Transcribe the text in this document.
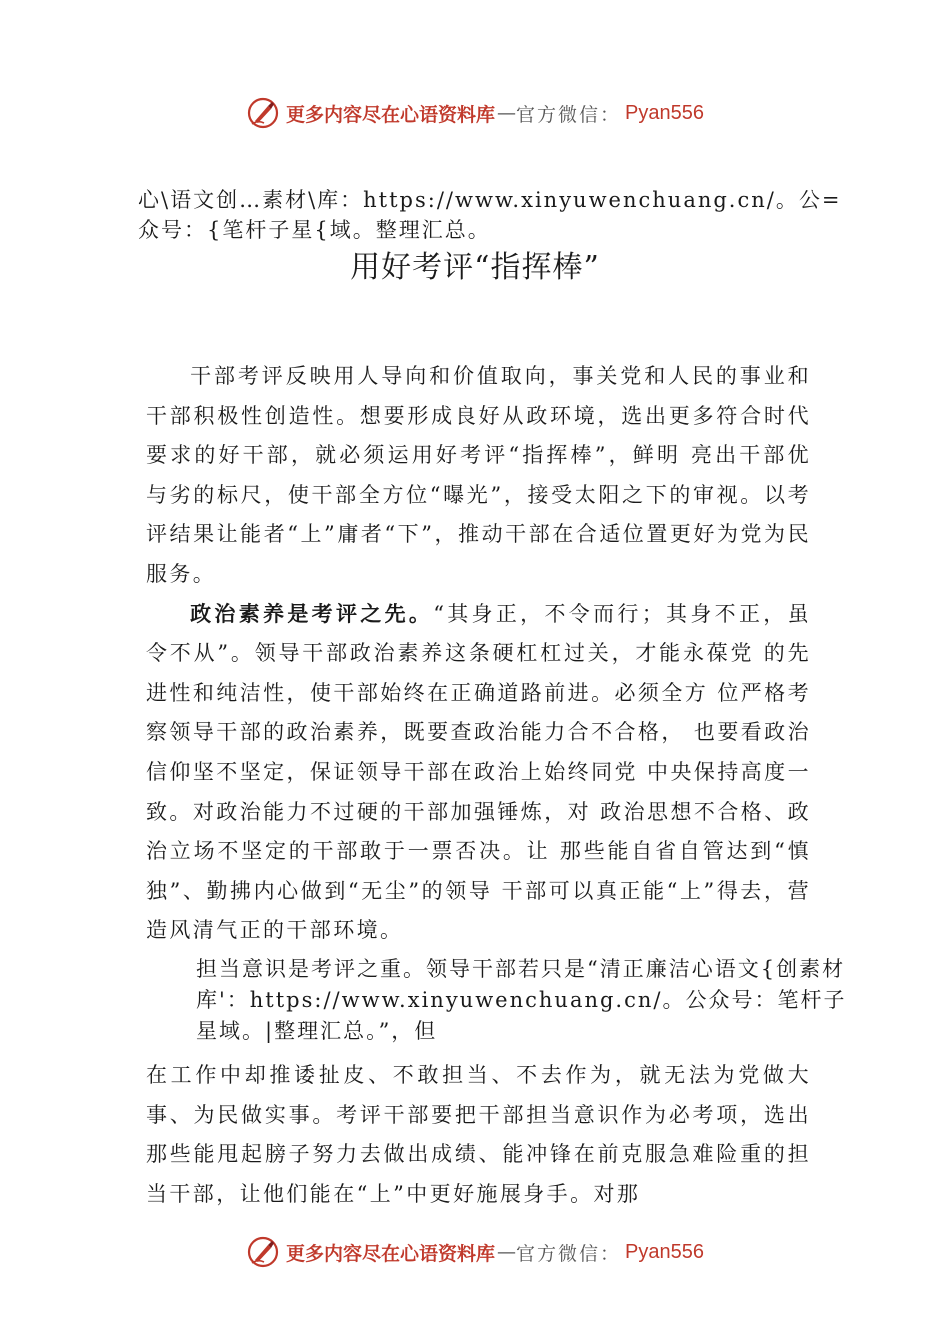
更多内容尽在心语资料库 — 官方微信： Pyan556
心\语文创…素材\库：https://www.xinyuwenchuang.cn/。公=众号：{笔杆子星{域。整理汇总。
用好考评“指挥棒”

干部考评反映用人导向和价值取向，事关党和人民的事业和干部积极性创造性。想要形成良好从政环境，选出更多符合时代要求的好干部，就必须运用好考评“指挥棒”，鲜明 亮出干部优与劣的标尺，使干部全方位“曝光”，接受太阳之下的审视。以考评结果让能者“上”庸者“下”，推动干部在合适位置更好为党为民服务。

政治素养是考评之先。“其身正，不令而行；其身不正，虽令不从”。领导干部政治素养这条硬杠杠过关，才能永葆党 的先进性和纯洁性，使干部始终在正确道路前进。必须全方 位严格考察领导干部的政治素养，既要查政治能力合不合格， 也要看政治信仰坚不坚定，保证领导干部在政治上始终同党 中央保持高度一致。对政治能力不过硬的干部加强锤炼，对 政治思想不合格、政治立场不坚定的干部敢于一票否决。让 那些能自省自管达到“慎独”、勤拂内心做到“无尘”的领导 干部可以真正能“上”得去，营造风清气正的干部环境。

担当意识是考评之重。领导干部若只是“清正廉洁心语文{创素材库'：https://www.xinyuwenchuang.cn/。公众号：笔杆子星域。|整理汇总。”，但

在工作中却推诿扯皮、不敢担当、不去作为，就无法为党做大事、为民做实事。考评干部要把干部担当意识作为必考项，选出那些能甩起膀子努力去做出成绩、能冲锋在前克服急难险重的担当干部，让他们能在“上”中更好施展身手。对那

更多内容尽在心语资料库 — 官方微信： Pyan556
